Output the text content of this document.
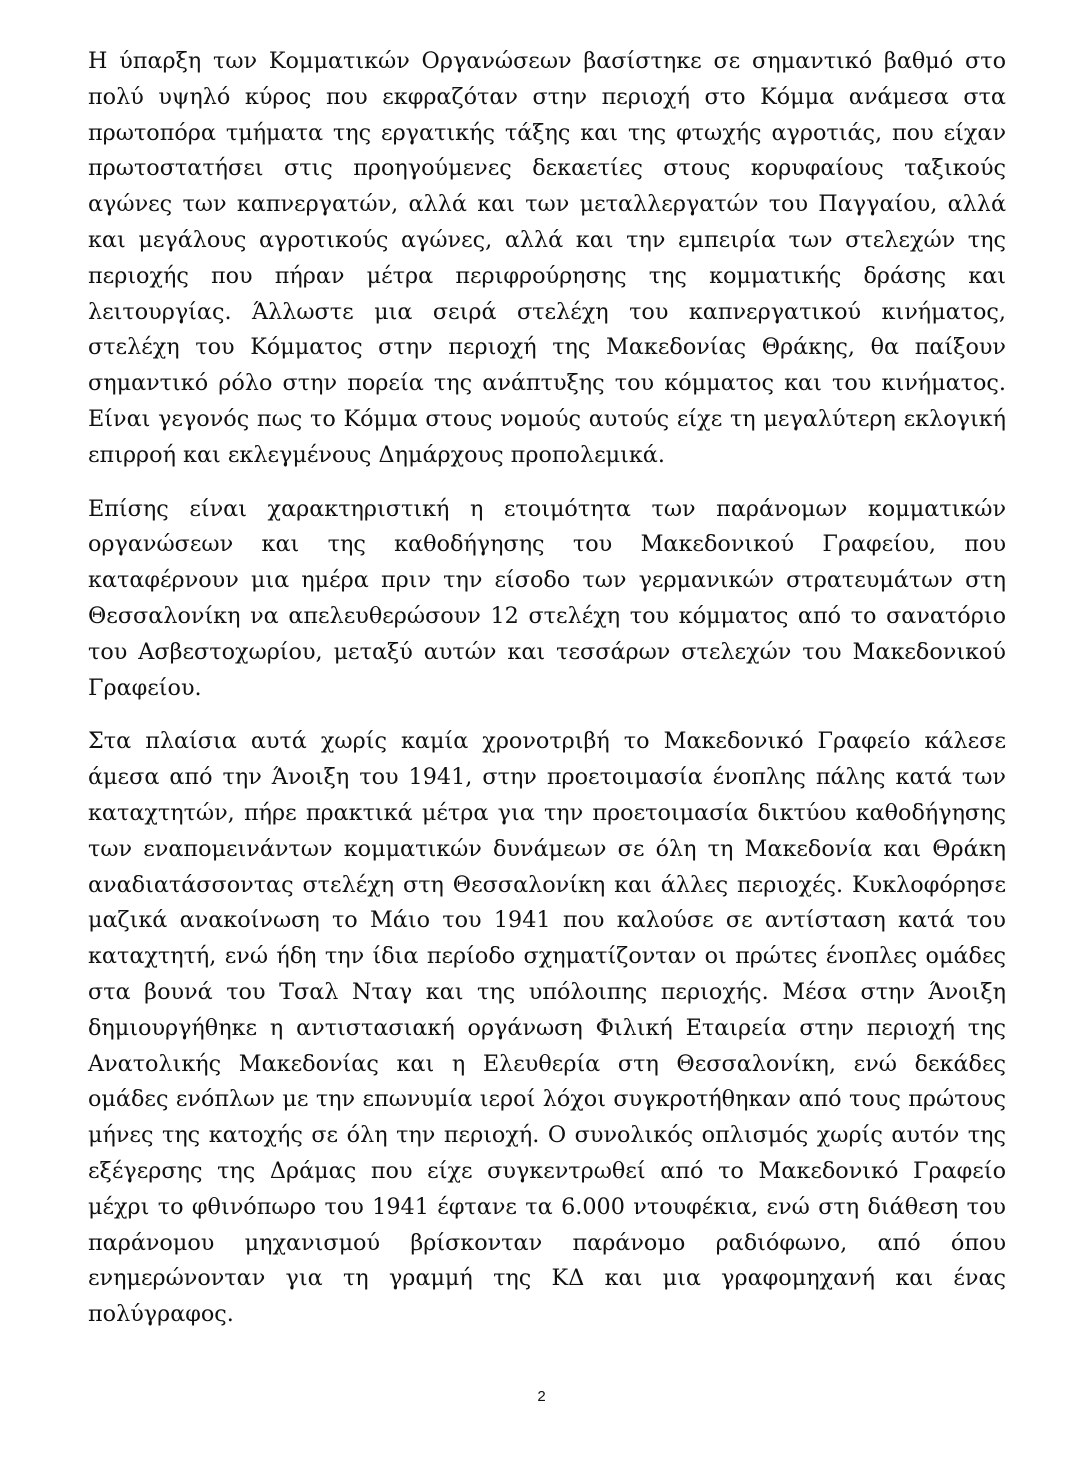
Η ύπαρξη των Κομματικών Οργανώσεων βασίστηκε σε σημαντικό βαθμό στο πολύ υψηλό κύρος που εκφραζόταν στην περιοχή στο Κόμμα ανάμεσα στα πρωτοπόρα τμήματα της εργατικής τάξης και της φτωχής αγροτιάς, που είχαν πρωτοστατήσει στις προηγούμενες δεκαετίες στους κορυφαίους ταξικούς αγώνες των καπνεργατών, αλλά και των μεταλλεργατών του Παγγαίου, αλλά και μεγάλους αγροτικούς αγώνες, αλλά και την εμπειρία των στελεχών της περιοχής που πήραν μέτρα περιφρούρησης της κομματικής δράσης και λειτουργίας. Άλλωστε μια σειρά στελέχη του καπνεργατικού κινήματος, στελέχη του Κόμματος στην περιοχή της Μακεδονίας Θράκης, θα παίξουν σημαντικό ρόλο στην πορεία της ανάπτυξης του κόμματος και του κινήματος. Είναι γεγονός πως το Κόμμα στους νομούς αυτούς είχε τη μεγαλύτερη εκλογική επιρροή και εκλεγμένους Δημάρχους προπολεμικά.

Επίσης είναι χαρακτηριστική η ετοιμότητα των παράνομων κομματικών οργανώσεων και της καθοδήγησης του Μακεδονικού Γραφείου, που καταφέρνουν μια ημέρα πριν την είσοδο των γερμανικών στρατευμάτων στη Θεσσαλονίκη να απελευθερώσουν 12 στελέχη του κόμματος από το σανατόριο του Ασβεστοχωρίου, μεταξύ αυτών και τεσσάρων στελεχών του Μακεδονικού Γραφείου.

Στα πλαίσια αυτά χωρίς καμία χρονοτριβή το Μακεδονικό Γραφείο κάλεσε άμεσα από την Άνοιξη του 1941, στην προετοιμασία ένοπλης πάλης κατά των καταχτητών, πήρε πρακτικά μέτρα για την προετοιμασία δικτύου καθοδήγησης των εναπομεινάντων κομματικών δυνάμεων σε όλη τη Μακεδονία και Θράκη αναδιατάσσοντας στελέχη στη Θεσσαλονίκη και άλλες περιοχές. Κυκλοφόρησε μαζικά ανακοίνωση το Μάιο του 1941 που καλούσε σε αντίσταση κατά του καταχτητή, ενώ ήδη την ίδια περίοδο σχηματίζονταν οι πρώτες ένοπλες ομάδες στα βουνά του Τσαλ Νταγ και της υπόλοιπης περιοχής. Μέσα στην Άνοιξη δημιουργήθηκε η αντιστασιακή οργάνωση Φιλική Εταιρεία στην περιοχή της Ανατολικής Μακεδονίας και η Ελευθερία στη Θεσσαλονίκη, ενώ δεκάδες ομάδες ενόπλων με την επωνυμία ιεροί λόχοι συγκροτήθηκαν από τους πρώτους μήνες της κατοχής σε όλη την περιοχή. Ο συνολικός οπλισμός χωρίς αυτόν της εξέγερσης της Δράμας που είχε συγκεντρωθεί από το Μακεδονικό Γραφείο μέχρι το φθινόπωρο του 1941 έφτανε τα 6.000 ντουφέκια, ενώ στη διάθεση του παράνομου μηχανισμού βρίσκονταν παράνομο ραδιόφωνο, από όπου ενημερώνονταν για τη γραμμή της ΚΔ και μια γραφομηχανή και ένας πολύγραφος.

2
